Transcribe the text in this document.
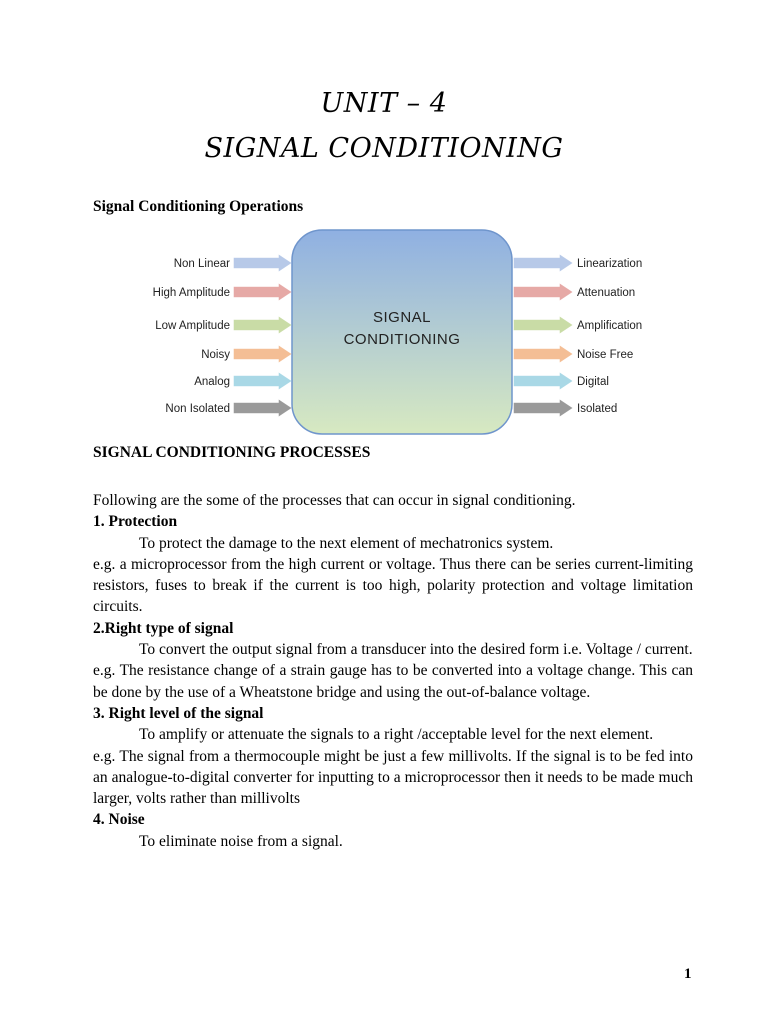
UNIT – 4
SIGNAL CONDITIONING
Signal Conditioning Operations
SIGNAL
CONDITIONING
Non Linear
High Amplitude
Low Amplitude
Noisy
Analog
Non Isolated
Linearization
Attenuation
Amplification
Noise Free
Digital
Isolated
SIGNAL CONDITIONING PROCESSES

Following are the some of the processes that can occur in signal conditioning.

1. Protection

To protect the damage to the next element of mechatronics system.

e.g. a microprocessor from the high current or voltage. Thus there can be series current-limiting resistors, fuses to break if the current is too high, polarity protection and voltage limitation circuits.

2.Right type of signal

To convert the output signal from a transducer into the desired form i.e. Voltage / current.

e.g. The resistance change of a strain gauge has to be converted into a voltage change. This can be done by the use of a Wheatstone bridge and using the out-of-balance voltage.

3. Right level of the signal

To amplify or attenuate the signals to a right /acceptable level for the next element.

e.g. The signal from a thermocouple might be just a few millivolts. If the signal is to be fed into an analogue-to-digital converter for inputting to a microprocessor then it needs to be made much larger, volts rather than millivolts

4. Noise

To eliminate noise from a signal.

1
